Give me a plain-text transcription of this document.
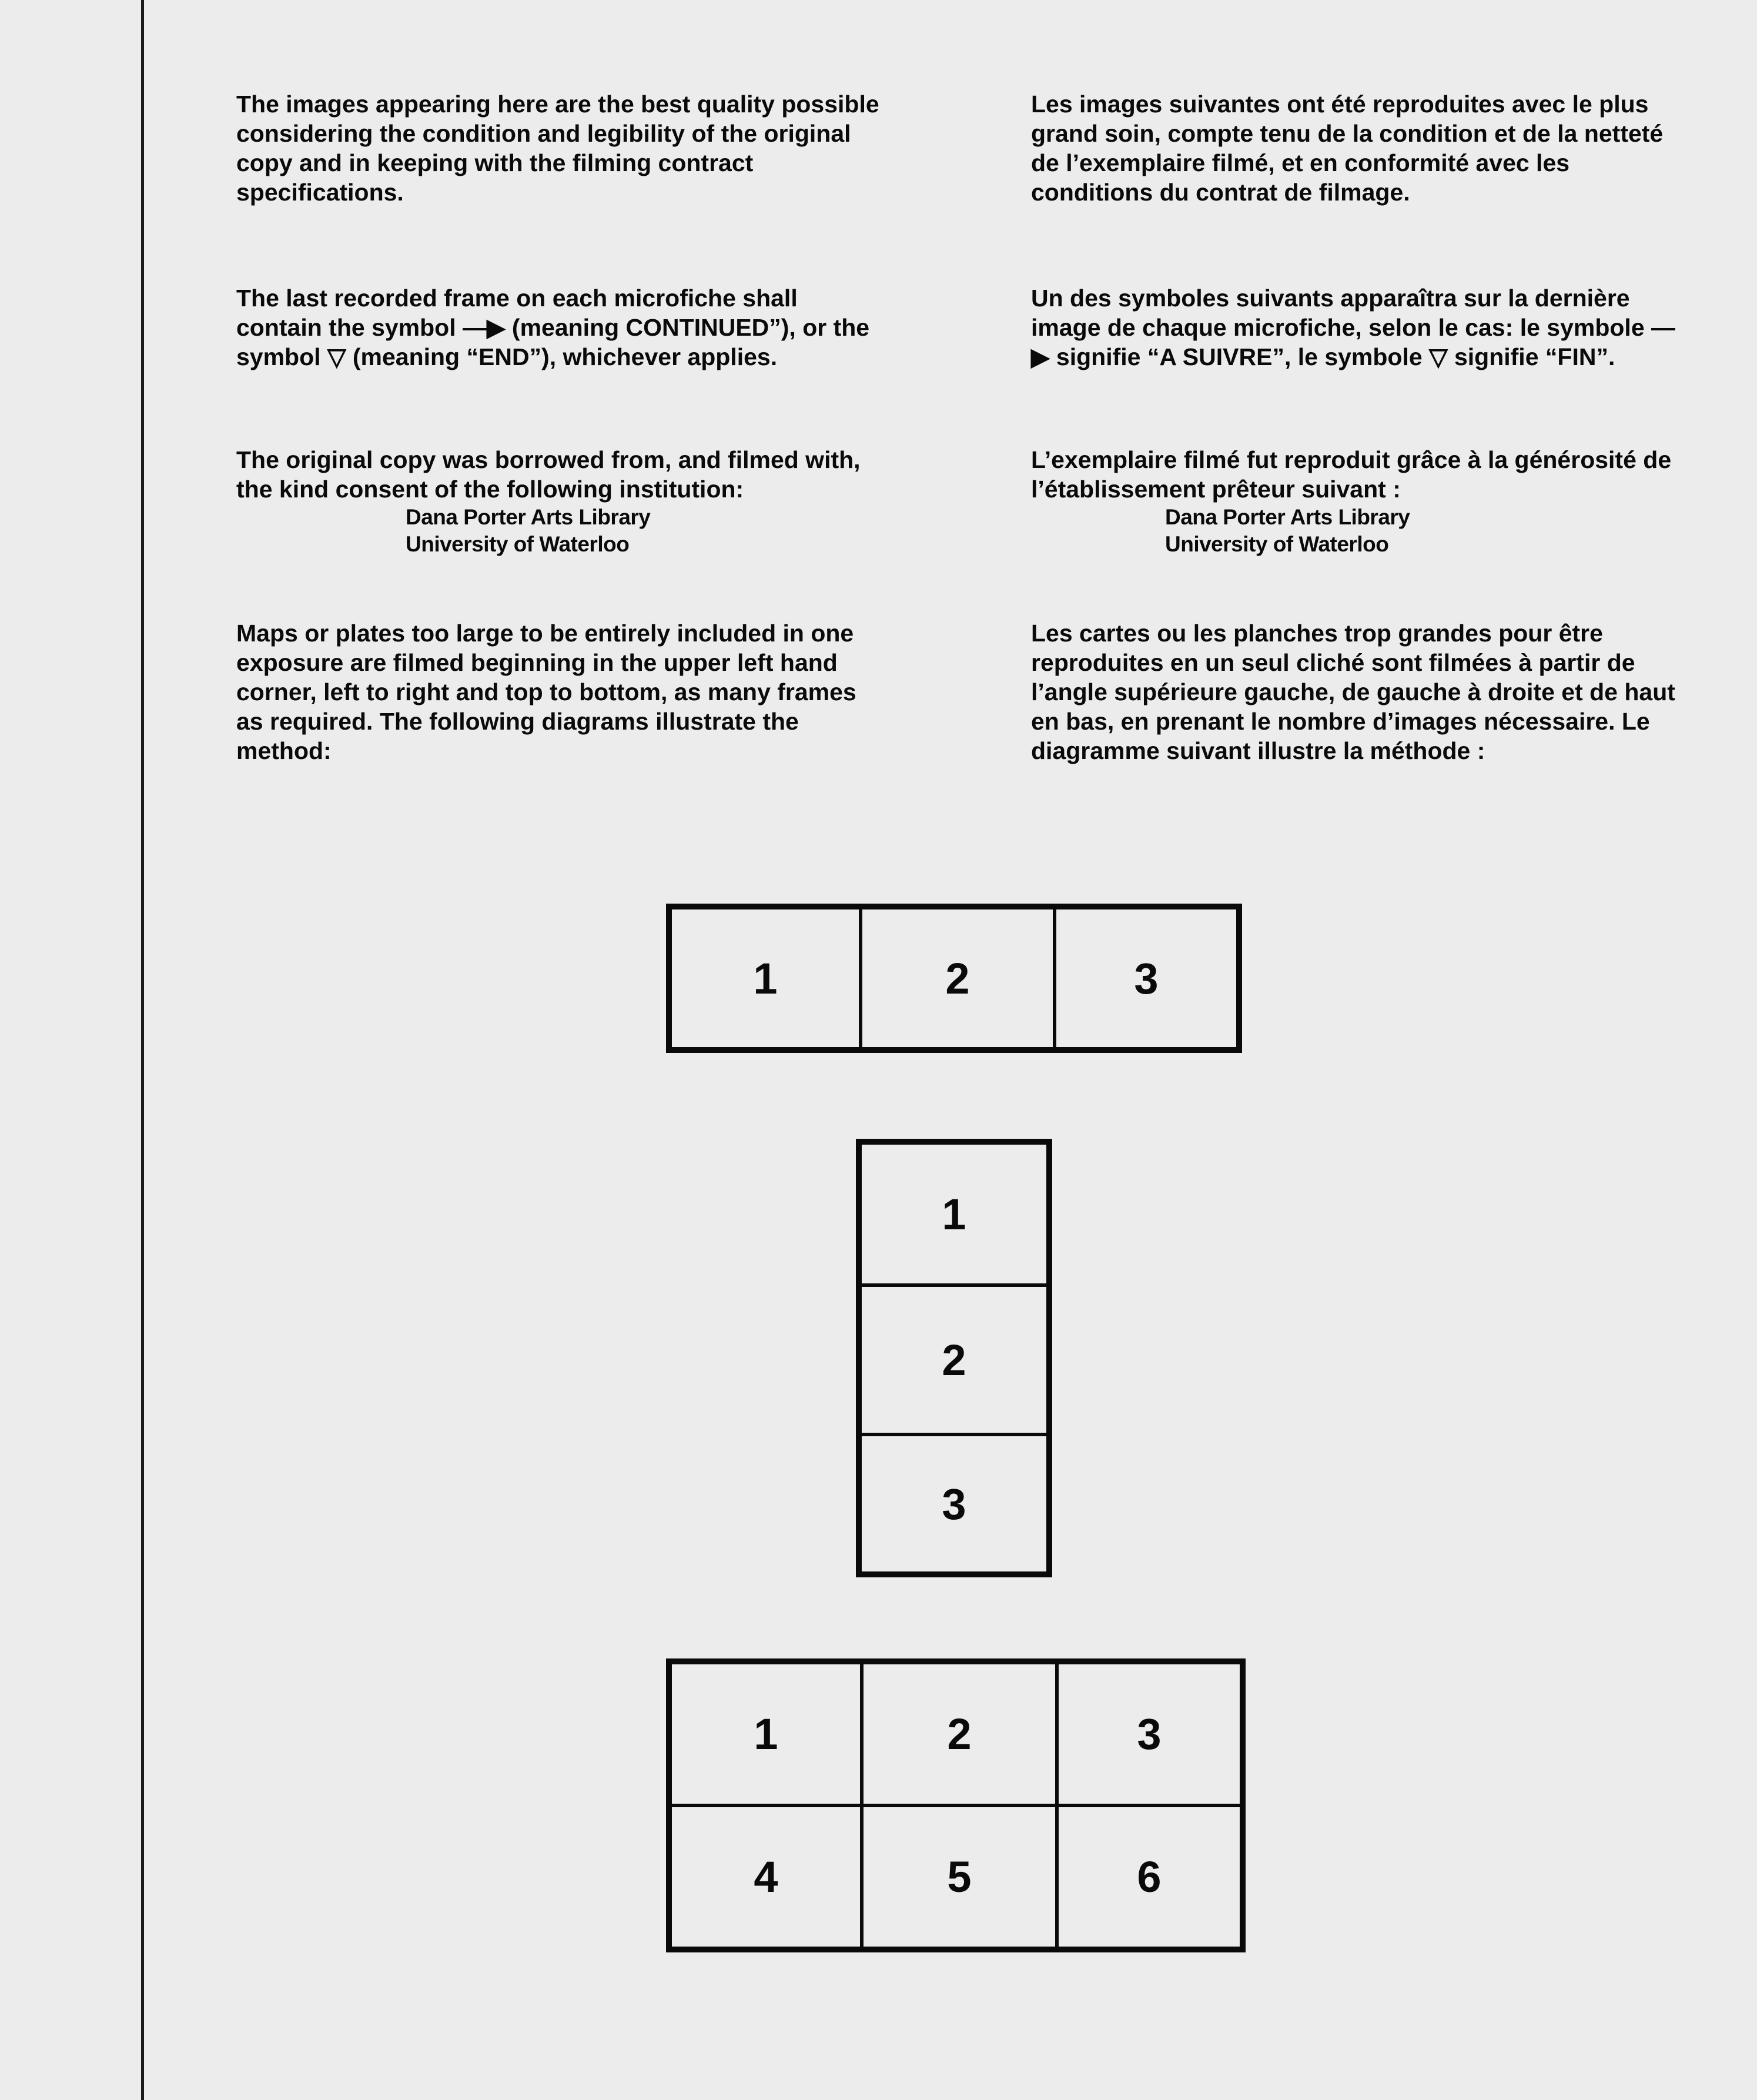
The images appearing here are the best quality possible considering the condition and legibility of the original copy and in keeping with the filming contract specifications.

The last recorded frame on each microfiche shall contain the symbol —▶ (meaning CONTINUED”), or the symbol ▽ (meaning “END”), whichever applies.

The original copy was borrowed from, and filmed with, the kind consent of the following institution:
Dana Porter Arts Library
University of Waterloo

Maps or plates too large to be entirely included in one exposure are filmed beginning in the upper left hand corner, left to right and top to bottom, as many frames as required. The following diagrams illustrate the method:

Les images suivantes ont été reproduites avec le plus grand soin, compte tenu de la condition et de la netteté de l’exemplaire filmé, et en conformité avec les conditions du contrat de filmage.

Un des symboles suivants apparaîtra sur la dernière image de chaque microfiche, selon le cas: le symbole —▶ signifie “A SUIVRE”, le symbole ▽ signifie “FIN”.

L’exemplaire filmé fut reproduit grâce à la générosité de l’établissement prêteur suivant :
Dana Porter Arts Library
University of Waterloo

Les cartes ou les planches trop grandes pour être reproduites en un seul cliché sont filmées à partir de l’angle supérieure gauche, de gauche à droite et de haut en bas, en prenant le nombre d’images nécessaire. Le diagramme suivant illustre la méthode :

1	2	3
1
2
3
1	2	3
4	5	6
